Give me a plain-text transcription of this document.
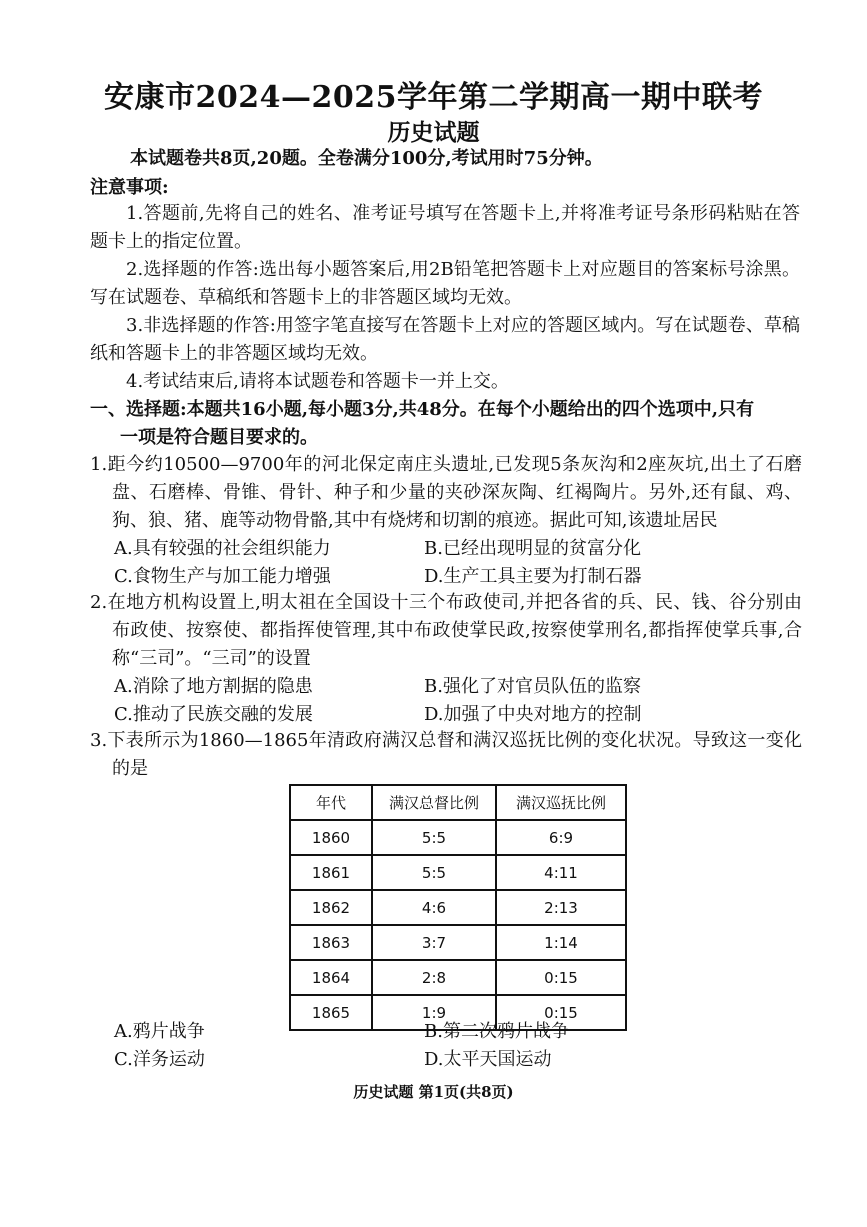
安康市2024—2025学年第二学期高一期中联考
历史试题
本试题卷共8页,20题。全卷满分100分,考试用时75分钟。
注意事项:
1.答题前,先将自己的姓名、准考证号填写在答题卡上,并将准考证号条形码粘贴在答题卡上的指定位置。
2.选择题的作答:选出每小题答案后,用2B铅笔把答题卡上对应题目的答案标号涂黑。写在试题卷、草稿纸和答题卡上的非答题区域均无效。
3.非选择题的作答:用签字笔直接写在答题卡上对应的答题区域内。写在试题卷、草稿纸和答题卡上的非答题区域均无效。
4.考试结束后,请将本试题卷和答题卡一并上交。
一、选择题:本题共16小题,每小题3分,共48分。在每个小题给出的四个选项中,只有
一项是符合题目要求的。
1.距今约10500—9700年的河北保定南庄头遗址,已发现5条灰沟和2座灰坑,出土了石磨盘、石磨棒、骨锥、骨针、种子和少量的夹砂深灰陶、红褐陶片。另外,还有鼠、鸡、狗、狼、猪、鹿等动物骨骼,其中有烧烤和切割的痕迹。据此可知,该遗址居民
A.具有较强的社会组织能力	B.已经出现明显的贫富分化
C.食物生产与加工能力增强	D.生产工具主要为打制石器
2.在地方机构设置上,明太祖在全国设十三个布政使司,并把各省的兵、民、钱、谷分别由布政使、按察使、都指挥使管理,其中布政使掌民政,按察使掌刑名,都指挥使掌兵事,合称“三司”。“三司”的设置
A.消除了地方割据的隐患	B.强化了对官员队伍的监察
C.推动了民族交融的发展	D.加强了中央对地方的控制
3.下表所示为1860—1865年清政府满汉总督和满汉巡抚比例的变化状况。导致这一变化的是
年代	满汉总督比例	满汉巡抚比例
1860	5:5	6:9
1861	5:5	4:11
1862	4:6	2:13
1863	3:7	1:14
1864	2:8	0:15
1865	1:9	0:15
A.鸦片战争	B.第二次鸦片战争
C.洋务运动	D.太平天国运动
历史试题 第1页(共8页)
